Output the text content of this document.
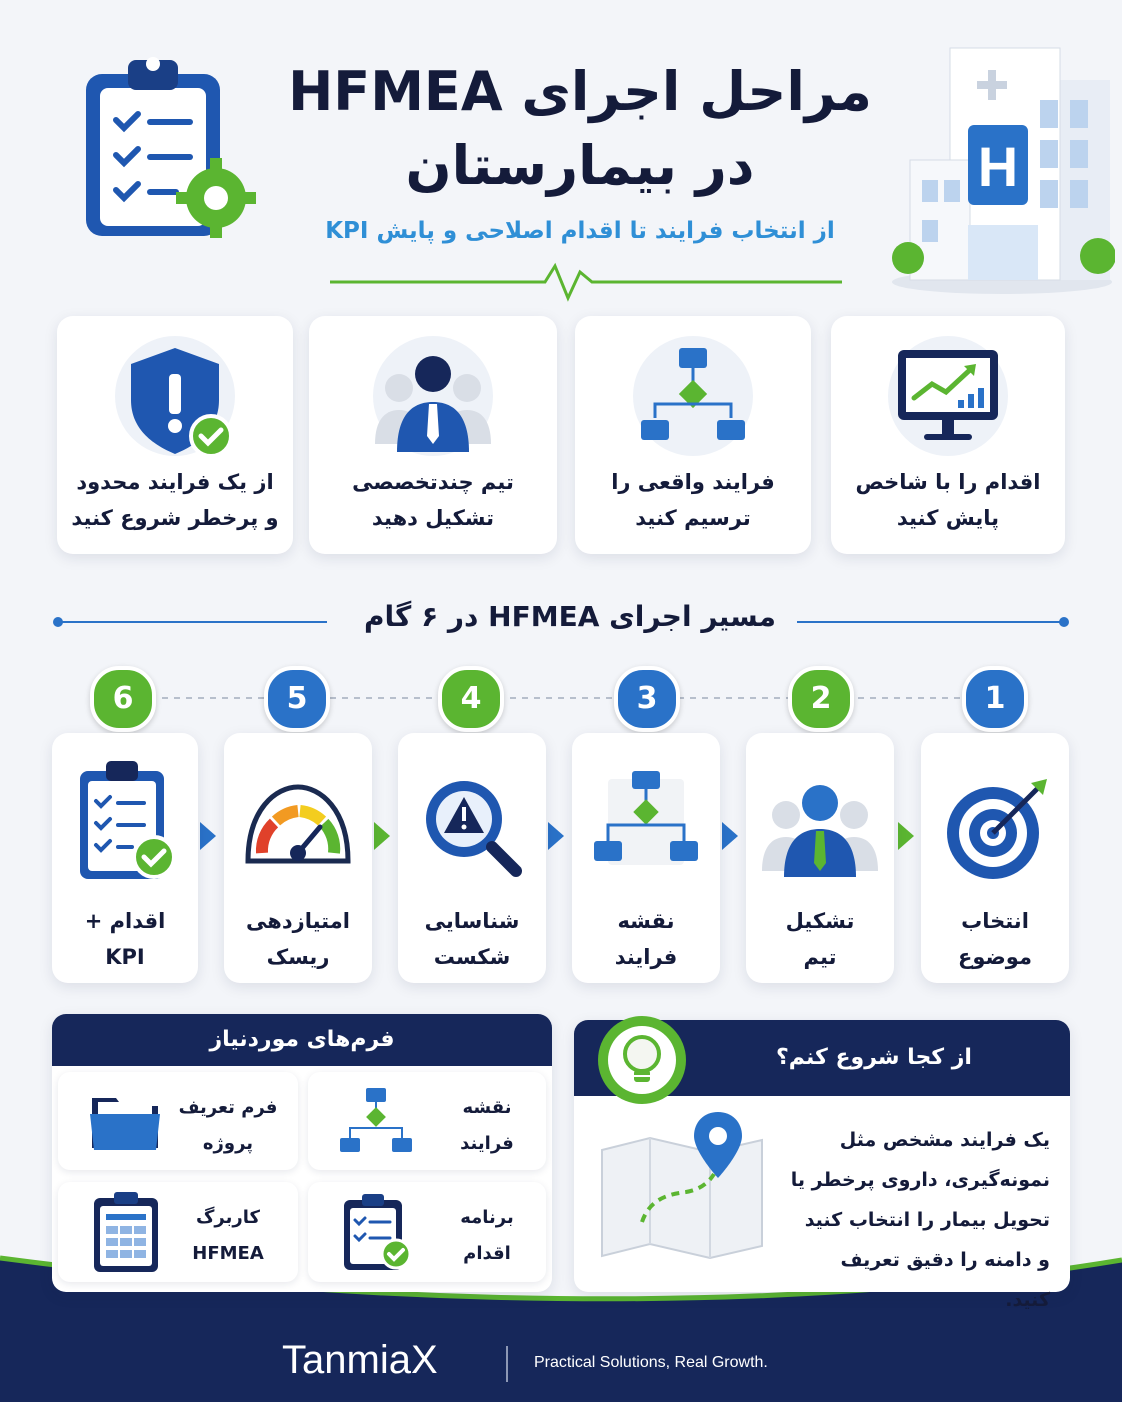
مراحل اجرای HFMEA در بیمارستان
از انتخاب فرایند تا اقدام اصلاحی و پایش KPI
H
از یک فرایند محدود و پرخطر شروع کنید
تیم چندتخصصی تشکیل دهید
فرایند واقعی را ترسیم کنید
اقدام را با شاخص پایش کنید
مسیر اجرای HFMEA در ۶ گام
1
2
3
4
5
6
انتخاب موضوع
تشکیل تیم
نقشه فرایند
شناسایی شکست
امتیازدهی ریسک
اقدام + KPI
فرم‌های موردنیاز
نقشه فرایند
فرم تعریف پروژه
برنامه اقدام
کاربرگ HFMEA
از کجا شروع کنم؟
یک فرایند مشخص مثل نمونه‌گیری، داروی پرخطر یا تحویل بیمار را انتخاب کنید و دامنه را دقیق تعریف کنید.
TanmiaX	Practical Solutions, Real Growth.
